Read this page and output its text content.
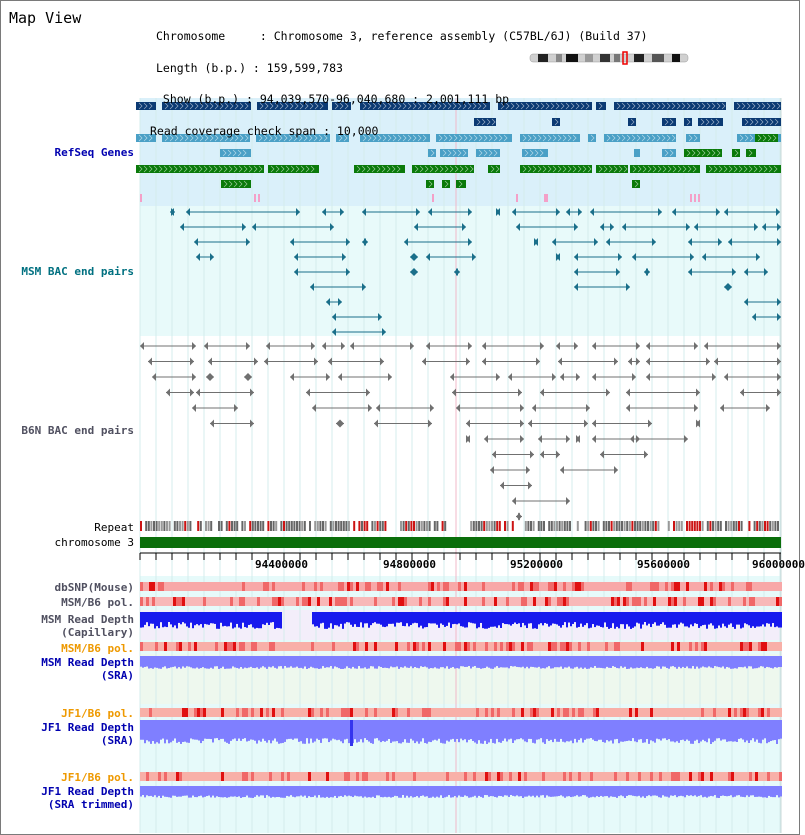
Map View

Chromosome     : Chromosome 3, reference assembly (C57BL/6J) (Build 37)

Length (b.p.) : 159,599,783

Show (b.p.) : 94,039,570-96,040,680 : 2,001,111 bp

Read coverage check span : 10,000

RefSeq Genes
MSM BAC end pairs
B6N BAC end pairs
Repeat
chromosome 3
dbSNP(Mouse)
MSM/B6 pol.
MSM Read Depth
(Capillary)
MSM/B6 pol.
MSM Read Depth
(SRA)
JF1/B6 pol.
JF1 Read Depth
(SRA)
JF1/B6 pol.
JF1 Read Depth
(SRA trimmed)
94400000	94800000	95200000	95600000	96000000
